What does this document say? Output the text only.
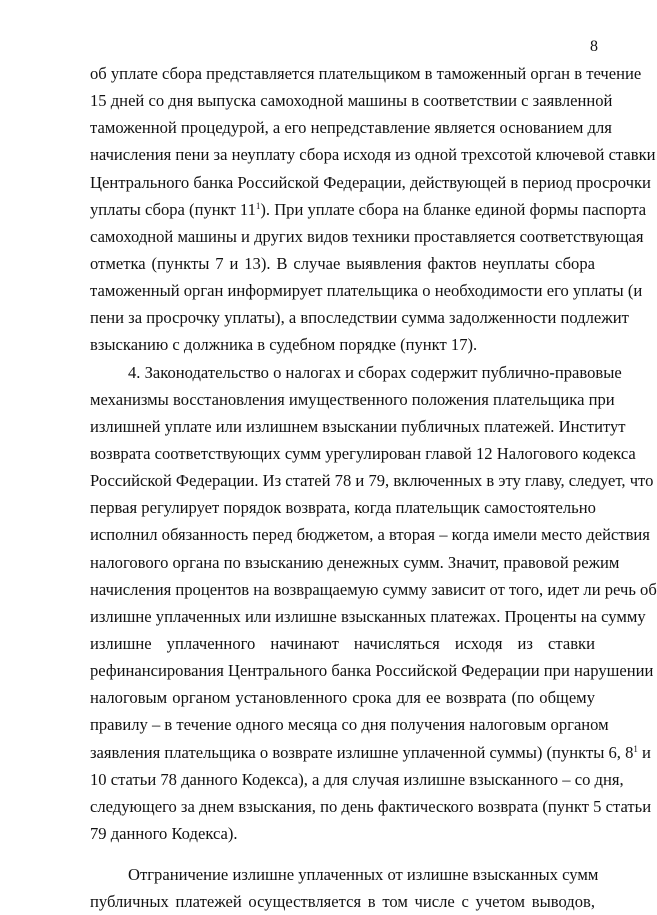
8
об уплате сбора представляется плательщиком в таможенный орган в течение
15 дней со дня выпуска самоходной машины в соответствии с заявленной
таможенной процедурой, а его непредставление является основанием для
начисления пени за неуплату сбора исходя из одной трехсотой ключевой ставки
Центрального банка Российской Федерации, действующей в период просрочки
уплаты сбора (пункт $11^1$). При уплате сбора на бланке единой формы паспорта
самоходной машины и других видов техники проставляется соответствующая
отметка (пункты 7 и 13). В случае выявления фактов неуплаты сбора
таможенный орган информирует плательщика о необходимости его уплаты (и
пени за просрочку уплаты), а впоследствии сумма задолженности подлежит
взысканию с должника в судебном порядке (пункт 17).
4. Законодательство о налогах и сборах содержит публично-правовые
механизмы восстановления имущественного положения плательщика при
излишней уплате или излишнем взыскании публичных платежей. Институт
возврата соответствующих сумм урегулирован главой 12 Налогового кодекса
Российской Федерации. Из статей 78 и 79, включенных в эту главу, следует, что
первая регулирует порядок возврата, когда плательщик самостоятельно
исполнил обязанность перед бюджетом, а вторая – когда имели место действия
налогового органа по взысканию денежных сумм. Значит, правовой режим
начисления процентов на возвращаемую сумму зависит от того, идет ли речь об
излишне уплаченных или излишне взысканных платежах. Проценты на сумму
излишне уплаченного начинают начисляться исходя из ставки
рефинансирования Центрального банка Российской Федерации при нарушении
налоговым органом установленного срока для ее возврата (по общему
правилу – в течение одного месяца со дня получения налоговым органом
заявления плательщика о возврате излишне уплаченной суммы) (пункты 6, $8^1$ и
10 статьи 78 данного Кодекса), а для случая излишне взысканного – со дня,
следующего за днем взыскания, по день фактического возврата (пункт 5 статьи
79 данного Кодекса).
Отграничение излишне уплаченных от излишне взысканных сумм
публичных платежей осуществляется в том числе с учетом выводов,
